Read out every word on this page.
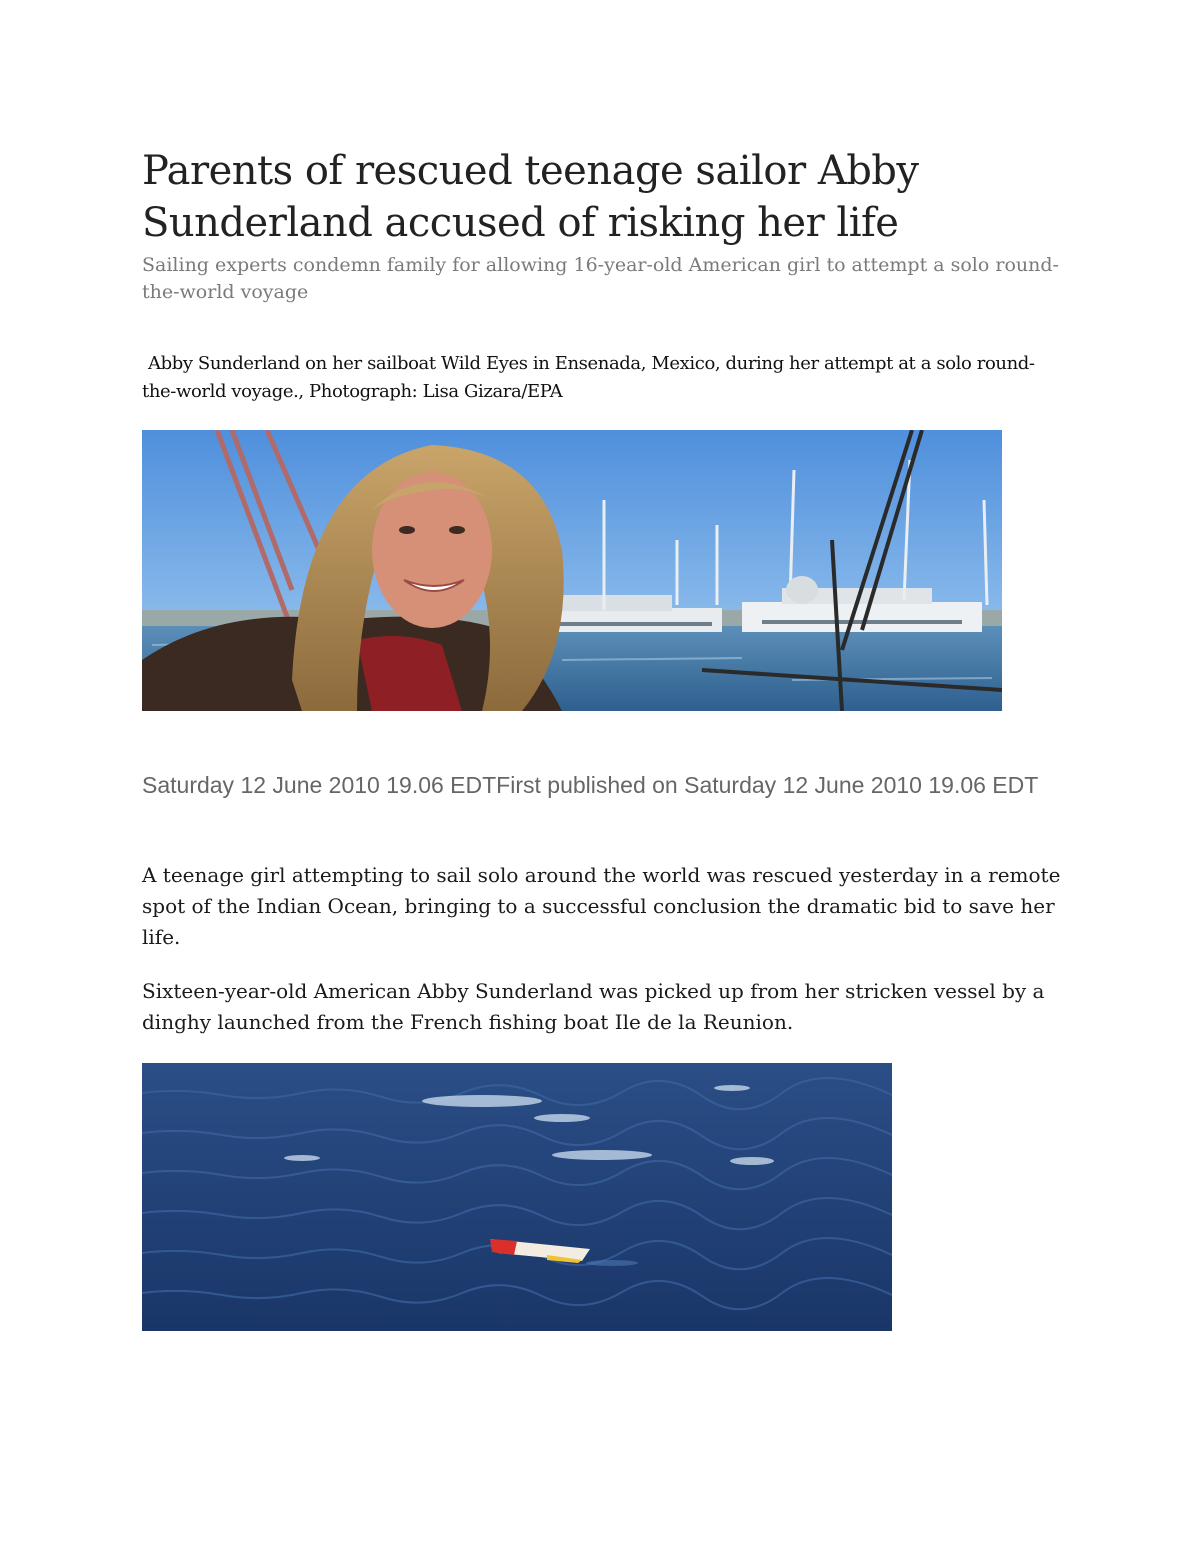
Parents of rescued teenage sailor Abby
Sunderland accused of risking her life
Sailing experts condemn family for allowing 16-year-old American girl to attempt a solo round-the-world voyage
Abby Sunderland on her sailboat Wild Eyes in Ensenada, Mexico, during her attempt at a solo round-the-world voyage., Photograph: Lisa Gizara/EPA
Saturday 12 June 2010 19.06 EDTFirst published on Saturday 12 June 2010 19.06 EDT

A teenage girl attempting to sail solo around the world was rescued yesterday in a remote spot of the Indian Ocean, bringing to a successful conclusion the dramatic bid to save her life.

Sixteen-year-old American Abby Sunderland was picked up from her stricken vessel by a dinghy launched from the French fishing boat Ile de la Reunion.
